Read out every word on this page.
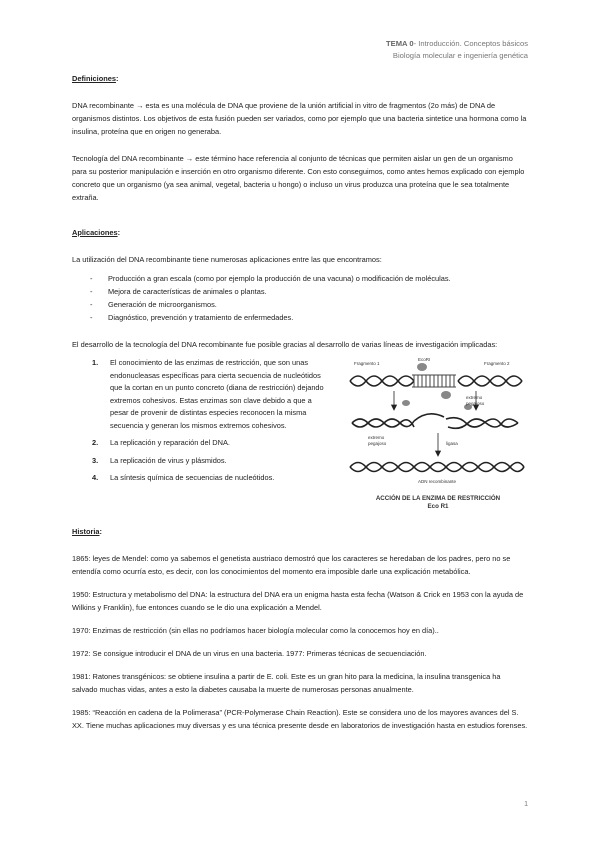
TEMA 0- Introducción. Conceptos básicos
Biología molecular e ingeniería genética

Definiciones:

DNA recombinante → esta es una molécula de DNA que proviene de la unión artificial in vitro de fragmentos (2o más) de DNA de organismos distintos. Los objetivos de esta fusión pueden ser variados, como por ejemplo que una bacteria sintetice una hormona como la insulina, proteína que en origen no generaba.

Tecnología del DNA recombinante → este término hace referencia al conjunto de técnicas que permiten aislar un gen de un organismo para su posterior manipulación e inserción en otro organismo diferente. Con esto conseguimos, como antes hemos explicado con ejemplo concreto que un organismo (ya sea animal, vegetal, bacteria u hongo) o incluso un virus produzca una proteína que le sea totalmente extraña.

Aplicaciones:

La utilización del DNA recombinante tiene numerosas aplicaciones entre las que encontramos:

- Producción a gran escala (como por ejemplo la producción de una vacuna) o modificación de moléculas.
- Mejora de características de animales o plantas.
- Generación de microorganismos.
- Diagnóstico, prevención y tratamiento de enfermedades.

El desarrollo de la tecnología del DNA recombinante fue posible gracias al desarrollo de varias líneas de investigación implicadas:

1. El conocimiento de las enzimas de restricción, que son unas endonucleasas específicas para cierta secuencia de nucleótidos que la cortan en un punto concreto (diana de restricción) dejando extremos cohesivos. Estas enzimas son clave debido a que a pesar de provenir de distintas especies reconocen la misma secuencia y generan los mismos extremos cohesivos.
2. La replicación y reparación del DNA.
3. La replicación de virus y plásmidos.
4. La síntesis química de secuencias de nucleótidos.
Fragmento 1
EcoRI
Fragmento 2
extremo
pegajoso
extremo
pegajoso	ligasa
ADN recombinante
ACCIÓN DE LA ENZIMA DE RESTRICCIÓN
Eco R1

Historia:

1865: leyes de Mendel: como ya sabemos el genetista austriaco demostró que los caracteres se heredaban de los padres, pero no se entendía como ocurría esto, es decir, con los conocimientos del momento era imposible darle una explicación metabólica.

1950: Estructura y metabolismo del DNA: la estructura del DNA era un enigma hasta esta fecha (Watson & Crick en 1953 con la ayuda de Wilkins y Franklin), fue entonces cuando se le dio una explicación a Mendel.

1970: Enzimas de restricción (sin ellas no podríamos hacer biología molecular como la conocemos hoy en día)..

1972: Se consigue introducir el DNA de un virus en una bacteria. 1977: Primeras técnicas de secuenciación.

1981: Ratones transgénicos: se obtiene insulina a partir de E. coli. Este es un gran hito para la medicina, la insulina transgenica ha salvado muchas vidas, antes a esto la diabetes causaba la muerte de numerosas personas anualmente.

1985: “Reacción en cadena de la Polimerasa” (PCR-Polymerase Chain Reaction). Este se considera uno de los mayores avances del S. XX. Tiene muchas aplicaciones muy diversas y es una técnica presente desde en laboratorios de investigación hasta en estudios forenses.

1
